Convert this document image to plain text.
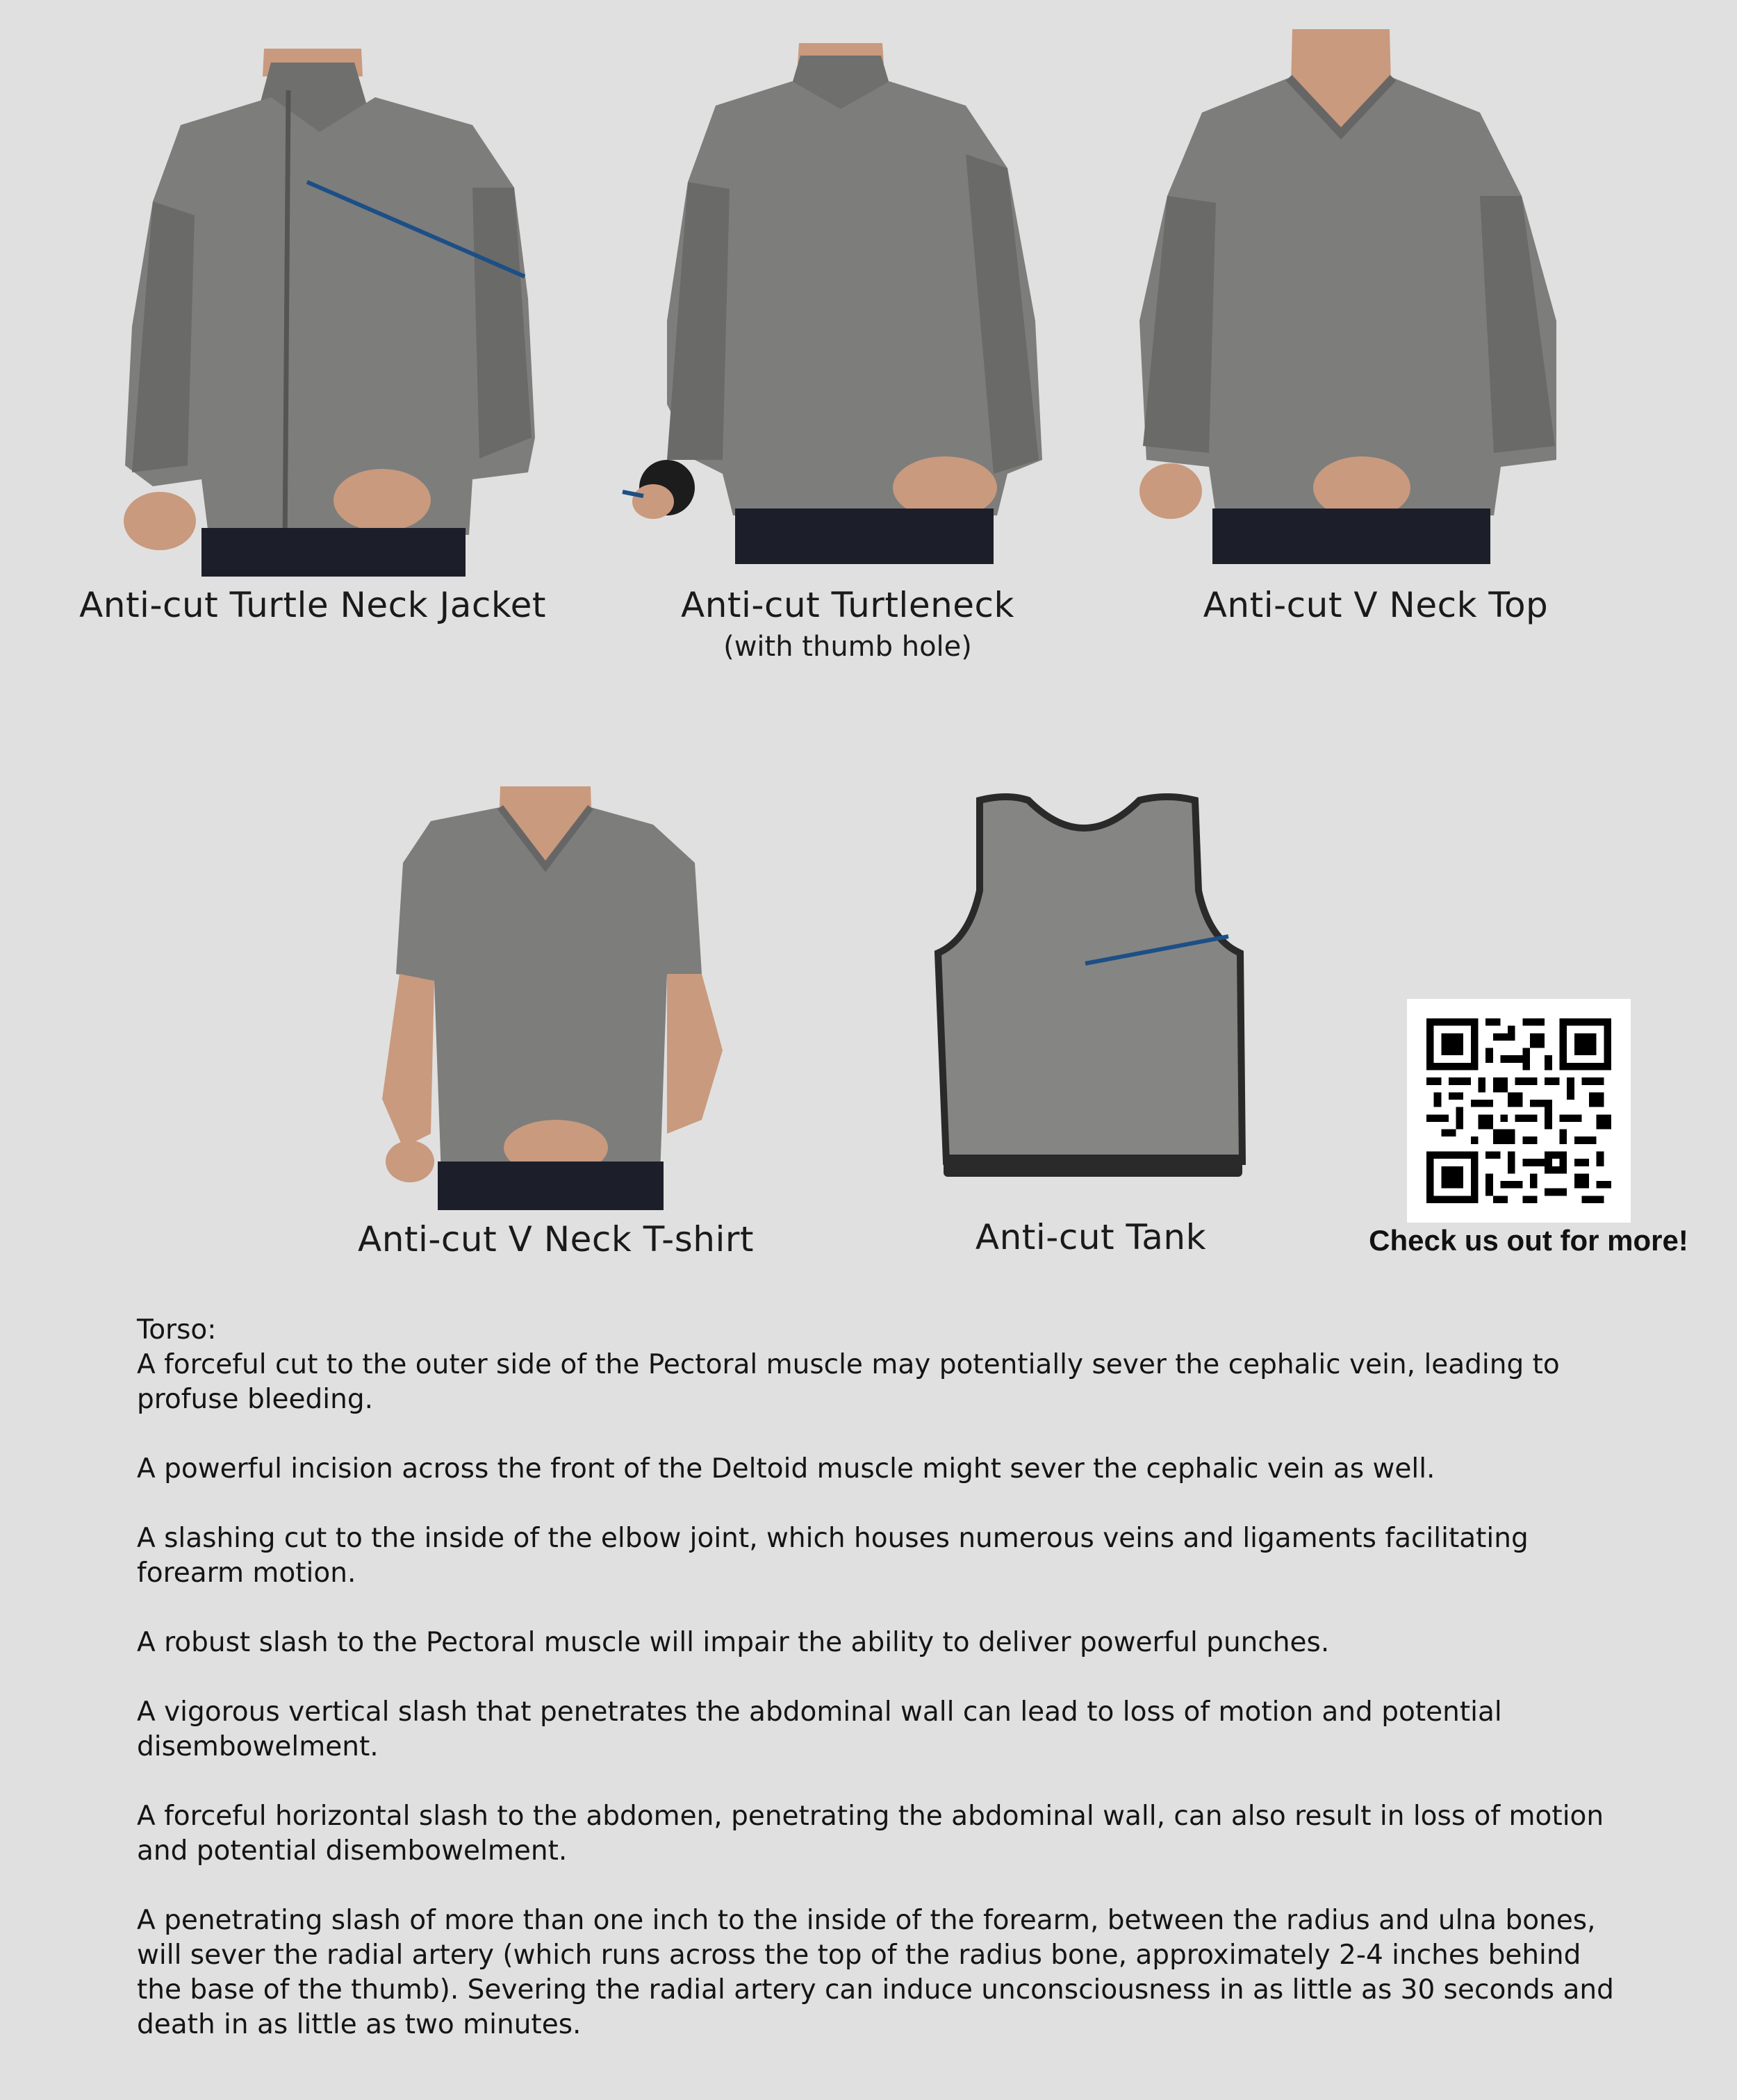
Anti-cut Turtle Neck Jacket	Anti-cut Turtleneck
(with thumb hole)
Anti-cut V Neck Top
Anti-cut V Neck T-shirt	Anti-cut Tank	Check us out for more!
Torso:

A forceful cut to the outer side of the Pectoral muscle may potentially sever the cephalic vein, leading to profuse bleeding.

A powerful incision across the front of the Deltoid muscle might sever the cephalic vein as well.

A slashing cut to the inside of the elbow joint, which houses numerous veins and ligaments facilitating forearm motion.

A robust slash to the Pectoral muscle will impair the ability to deliver powerful punches.

A vigorous vertical slash that penetrates the abdominal wall can lead to loss of motion and potential disembowelment.

A forceful horizontal slash to the abdomen, penetrating the abdominal wall, can also result in loss of motion and potential disembowelment.

A penetrating slash of more than one inch to the inside of the forearm, between the radius and ulna bones, will sever the radial artery (which runs across the top of the radius bone, approximately 2-4 inches behind the base of the thumb). Severing the radial artery can induce unconsciousness in as little as 30 seconds and death in as little as two minutes.
